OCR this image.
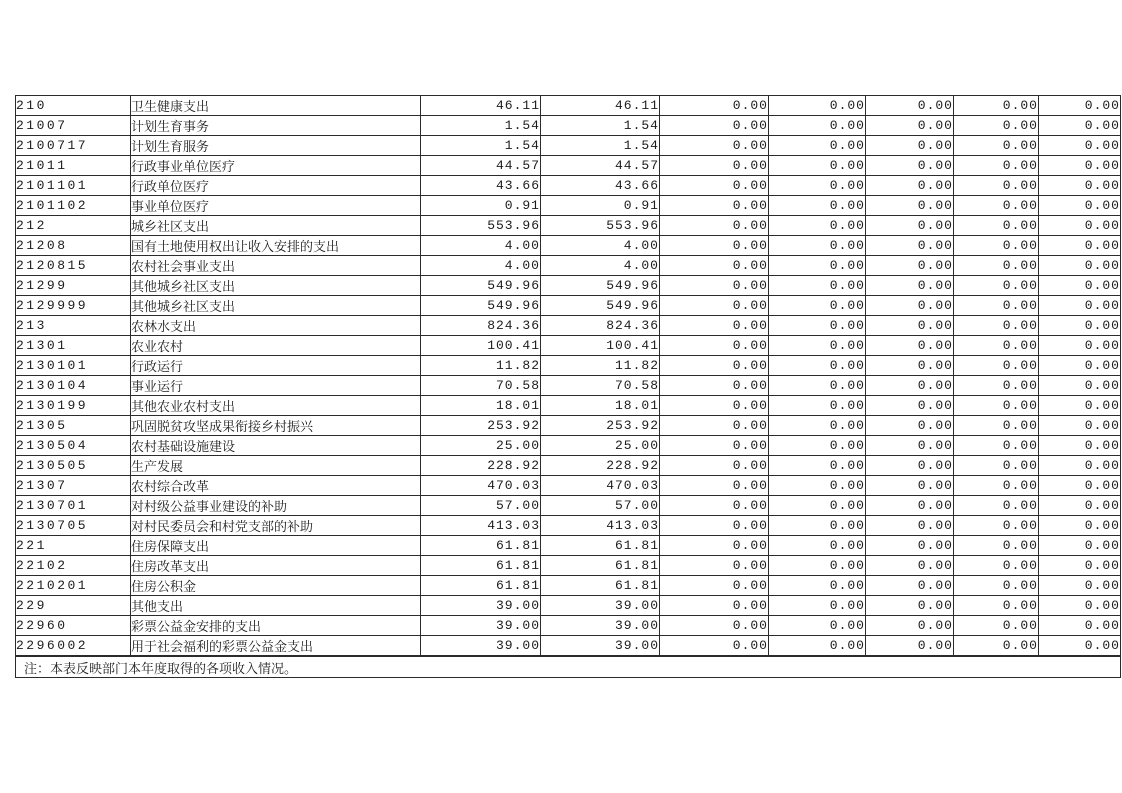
210	卫生健康支出	46.11	46.11	0.00	0.00	0.00	0.00	0.00
21007	计划生育事务	1.54	1.54	0.00	0.00	0.00	0.00	0.00
2100717	计划生育服务	1.54	1.54	0.00	0.00	0.00	0.00	0.00
21011	行政事业单位医疗	44.57	44.57	0.00	0.00	0.00	0.00	0.00
2101101	行政单位医疗	43.66	43.66	0.00	0.00	0.00	0.00	0.00
2101102	事业单位医疗	0.91	0.91	0.00	0.00	0.00	0.00	0.00
212	城乡社区支出	553.96	553.96	0.00	0.00	0.00	0.00	0.00
21208	国有土地使用权出让收入安排的支出	4.00	4.00	0.00	0.00	0.00	0.00	0.00
2120815	农村社会事业支出	4.00	4.00	0.00	0.00	0.00	0.00	0.00
21299	其他城乡社区支出	549.96	549.96	0.00	0.00	0.00	0.00	0.00
2129999	其他城乡社区支出	549.96	549.96	0.00	0.00	0.00	0.00	0.00
213	农林水支出	824.36	824.36	0.00	0.00	0.00	0.00	0.00
21301	农业农村	100.41	100.41	0.00	0.00	0.00	0.00	0.00
2130101	行政运行	11.82	11.82	0.00	0.00	0.00	0.00	0.00
2130104	事业运行	70.58	70.58	0.00	0.00	0.00	0.00	0.00
2130199	其他农业农村支出	18.01	18.01	0.00	0.00	0.00	0.00	0.00
21305	巩固脱贫攻坚成果衔接乡村振兴	253.92	253.92	0.00	0.00	0.00	0.00	0.00
2130504	农村基础设施建设	25.00	25.00	0.00	0.00	0.00	0.00	0.00
2130505	生产发展	228.92	228.92	0.00	0.00	0.00	0.00	0.00
21307	农村综合改革	470.03	470.03	0.00	0.00	0.00	0.00	0.00
2130701	对村级公益事业建设的补助	57.00	57.00	0.00	0.00	0.00	0.00	0.00
2130705	对村民委员会和村党支部的补助	413.03	413.03	0.00	0.00	0.00	0.00	0.00
221	住房保障支出	61.81	61.81	0.00	0.00	0.00	0.00	0.00
22102	住房改革支出	61.81	61.81	0.00	0.00	0.00	0.00	0.00
2210201	住房公积金	61.81	61.81	0.00	0.00	0.00	0.00	0.00
229	其他支出	39.00	39.00	0.00	0.00	0.00	0.00	0.00
22960	彩票公益金安排的支出	39.00	39.00	0.00	0.00	0.00	0.00	0.00
2296002	用于社会福利的彩票公益金支出	39.00	39.00	0.00	0.00	0.00	0.00	0.00
注：本表反映部门本年度取得的各项收入情况。								
